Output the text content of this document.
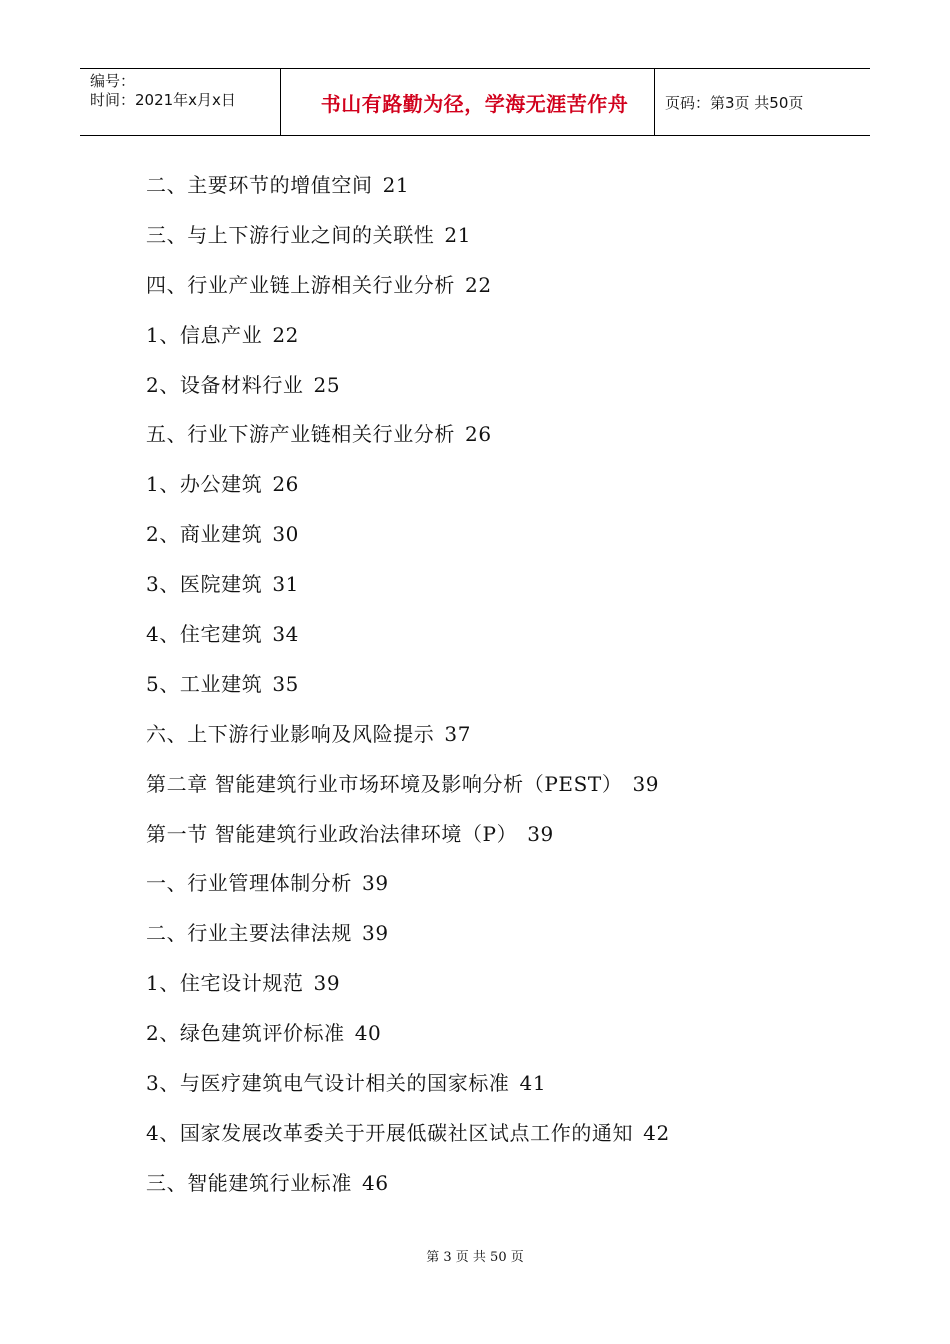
编号：
时间：2021年x月x日	书山有路勤为径，学海无涯苦作舟 页码：第3页 共50页
二、主要环节的增值空间 21
三、与上下游行业之间的关联性 21
四、行业产业链上游相关行业分析 22
1、信息产业 22
2、设备材料行业 25
五、行业下游产业链相关行业分析 26
1、办公建筑 26
2、商业建筑 30
3、医院建筑 31
4、住宅建筑 34
5、工业建筑 35
六、上下游行业影响及风险提示 37
第二章 智能建筑行业市场环境及影响分析（PEST） 39
第一节 智能建筑行业政治法律环境（P） 39
一、行业管理体制分析 39
二、行业主要法律法规 39
1、住宅设计规范 39
2、绿色建筑评价标准 40
3、与医疗建筑电气设计相关的国家标准 41
4、国家发展改革委关于开展低碳社区试点工作的通知 42
三、智能建筑行业标准 46
第 3 页 共 50 页
